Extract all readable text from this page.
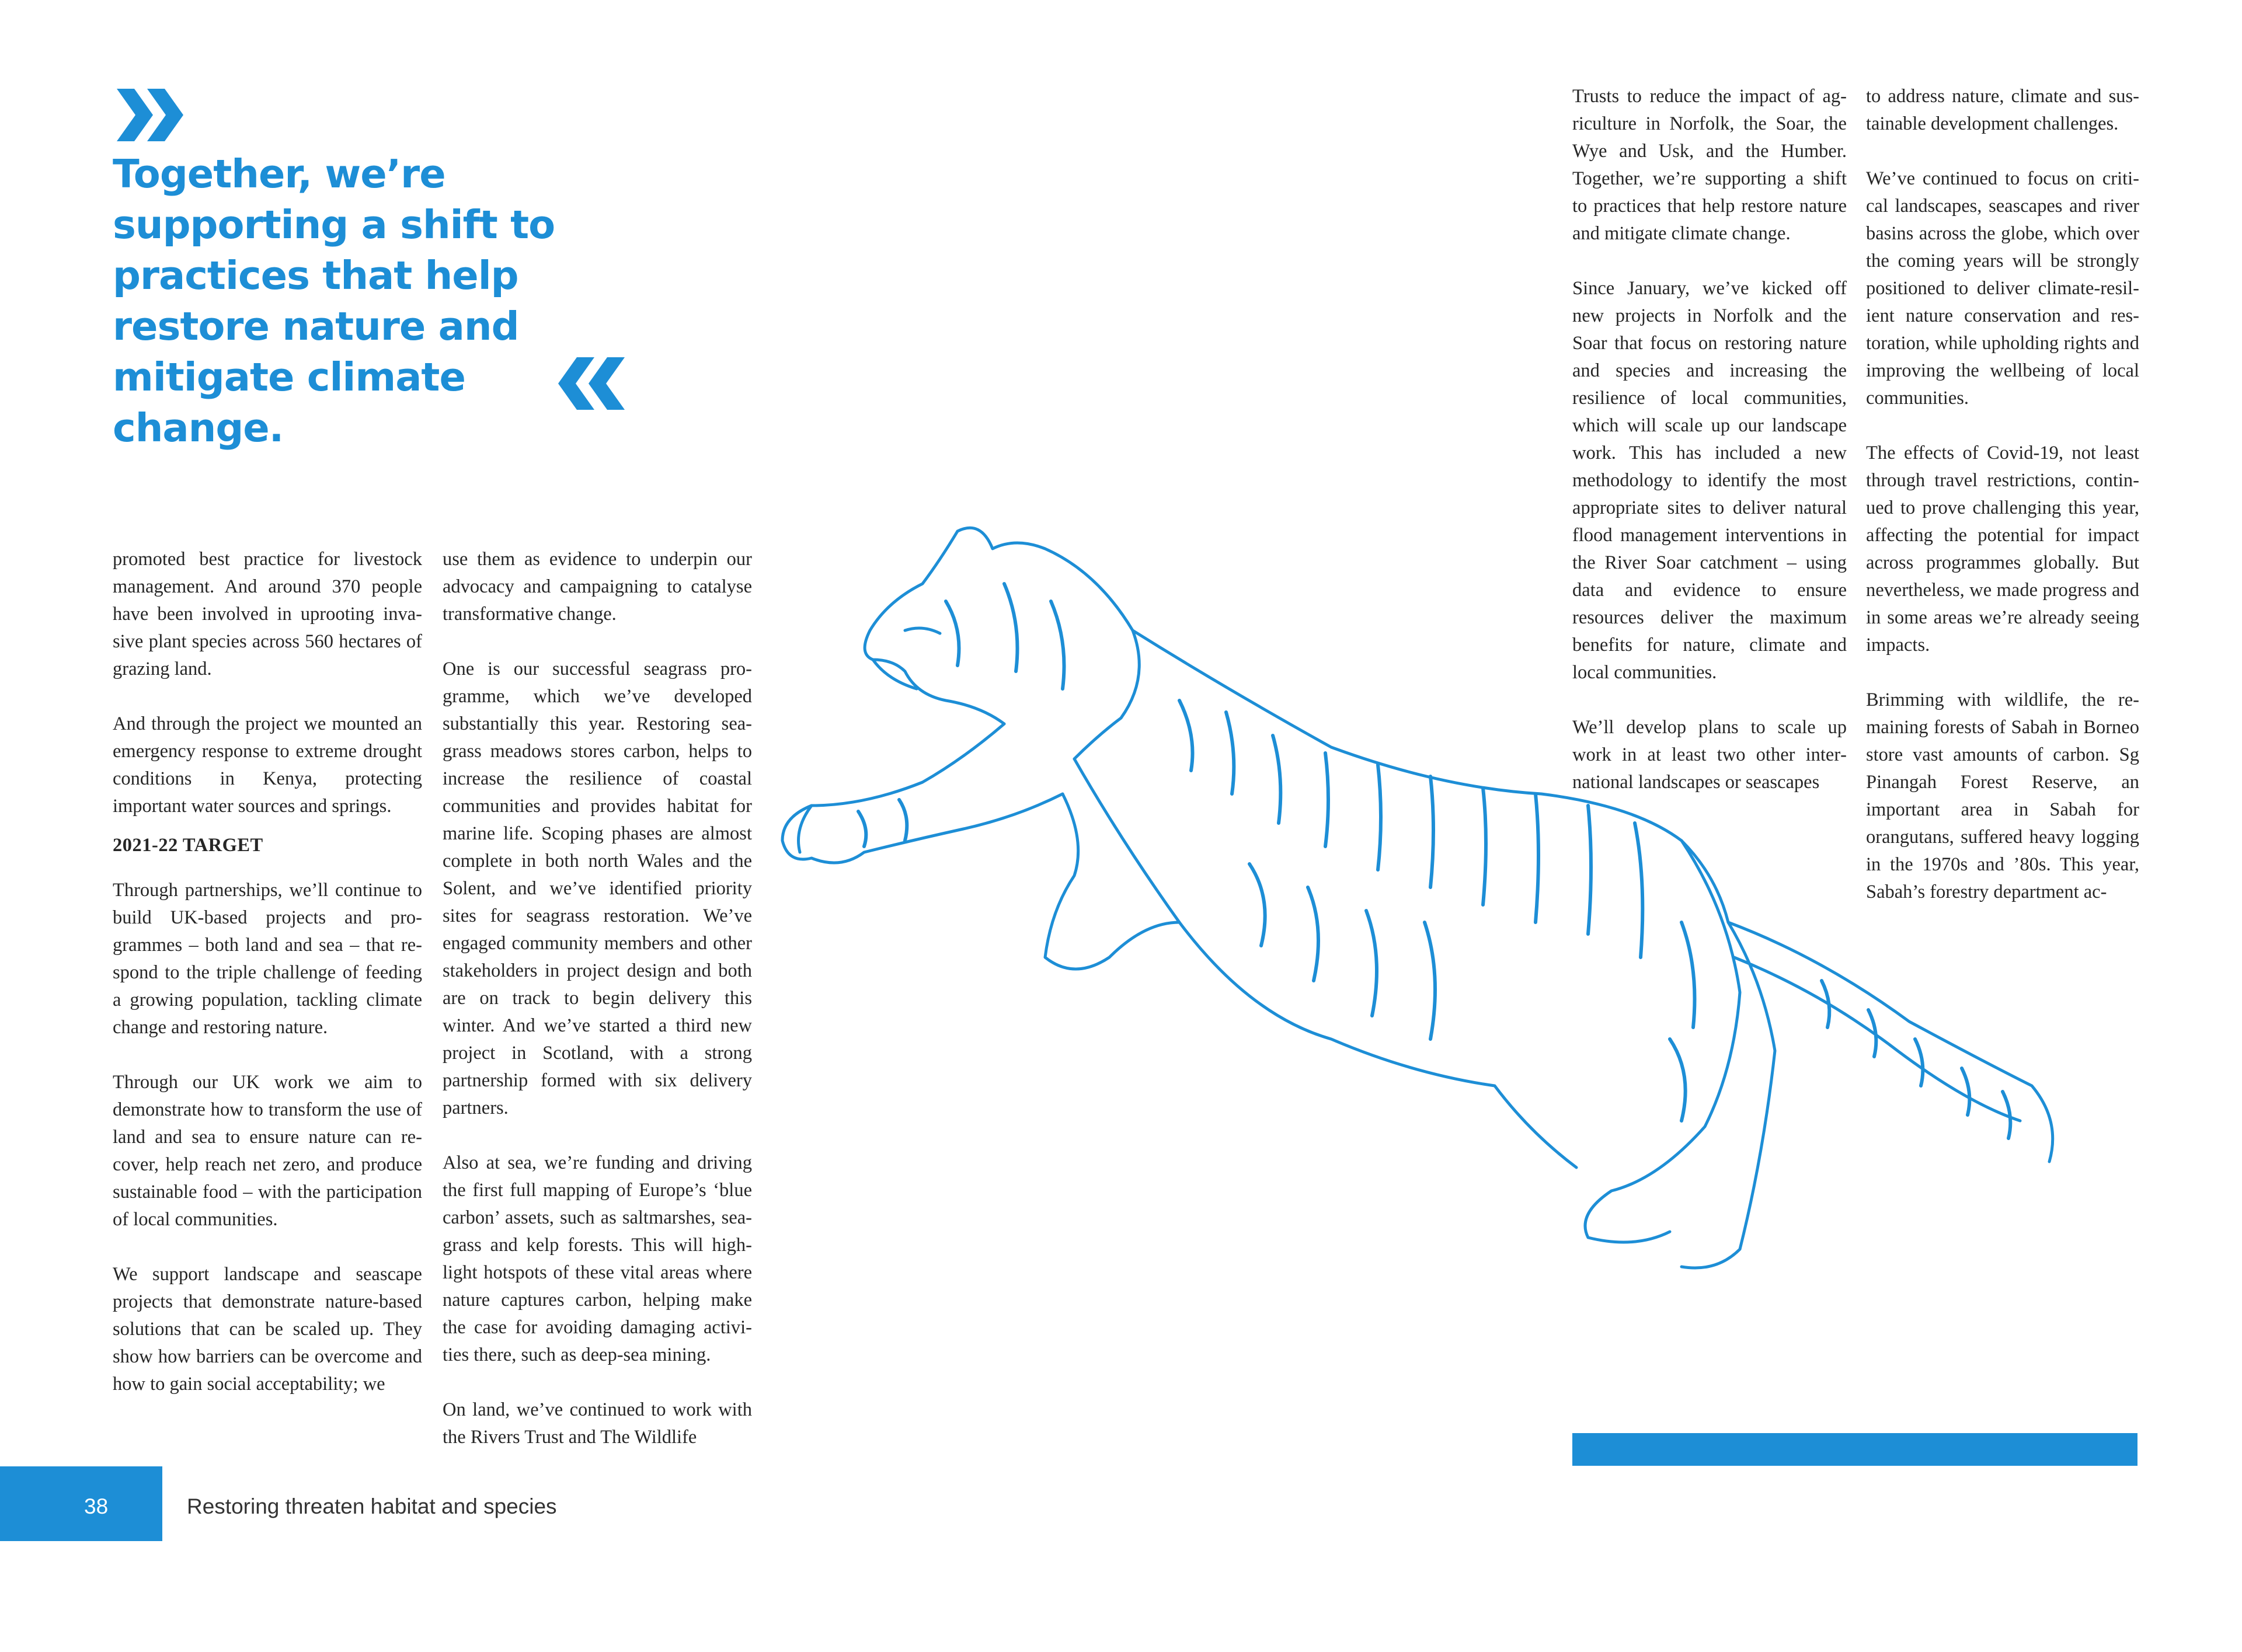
Together, we’re supporting a shift to practices that help restore nature and mitigate climate change.

promoted best practice for livestock management. And around 370 people have been involved in uprooting invasive plant species across 560 hectares of grazing land.

And through the project we mounted an emergency response to extreme drought conditions in Kenya, protecting important water sources and springs.

2021-22 TARGET

Through partnerships, we’ll continue to build UK-based projects and programmes – both land and sea – that respond to the triple challenge of feeding a growing population, tackling climate change and restoring nature.

Through our UK work we aim to demonstrate how to transform the use of land and sea to ensure nature can recover, help reach net zero, and produce sustainable food – with the participation of local communities.

We support landscape and seascape projects that demonstrate nature-based solutions that can be scaled up. They show how barriers can be overcome and how to gain social acceptability; we

use them as evidence to underpin our advocacy and campaigning to catalyse transformative change.

One is our successful seagrass programme, which we’ve developed substantially this year. Restoring seagrass meadows stores carbon, helps to increase the resilience of coastal communities and provides habitat for marine life. Scoping phases are almost complete in both north Wales and the Solent, and we’ve identified priority sites for seagrass restoration. We’ve engaged community members and other stakeholders in project design and both are on track to begin delivery this winter. And we’ve started a third new project in Scotland, with a strong partnership formed with six delivery partners.

Also at sea, we’re funding and driving the first full mapping of Europe’s ‘blue carbon’ assets, such as saltmarshes, seagrass and kelp forests. This will highlight hotspots of these vital areas where nature captures carbon, helping make the case for avoiding damaging activities there, such as deep-sea mining.

On land, we’ve continued to work with the Rivers Trust and The Wildlife

Trusts to reduce the impact of agriculture in Norfolk, the Soar, the Wye and Usk, and the Humber. Together, we’re supporting a shift to practices that help restore nature and mitigate climate change.

Since January, we’ve kicked off new projects in Norfolk and the Soar that focus on restoring nature and species and increasing the resilience of local communities, which will scale up our landscape work. This has included a new methodology to identify the most appropriate sites to deliver natural flood management interventions in the River Soar catchment – using data and evidence to ensure resources deliver the maximum benefits for nature, climate and local communities.

We’ll develop plans to scale up work in at least two other international landscapes or seascapes

to address nature, climate and sustainable development challenges.

We’ve continued to focus on critical landscapes, seascapes and river basins across the globe, which over the coming years will be strongly positioned to deliver climate-resilient nature conservation and restoration, while upholding rights and improving the wellbeing of local communities.

The effects of Covid-19, not least through travel restrictions, continued to prove challenging this year, affecting the potential for impact across programmes globally. But nevertheless, we made progress and in some areas we’re already seeing impacts.

Brimming with wildlife, the remaining forests of Sabah in Borneo store vast amounts of carbon. Sg Pinangah Forest Reserve, an important area in Sabah for orangutans, suffered heavy logging in the 1970s and ’80s. This year, Sabah’s forestry department ac-

38	Restoring threaten habitat and species
